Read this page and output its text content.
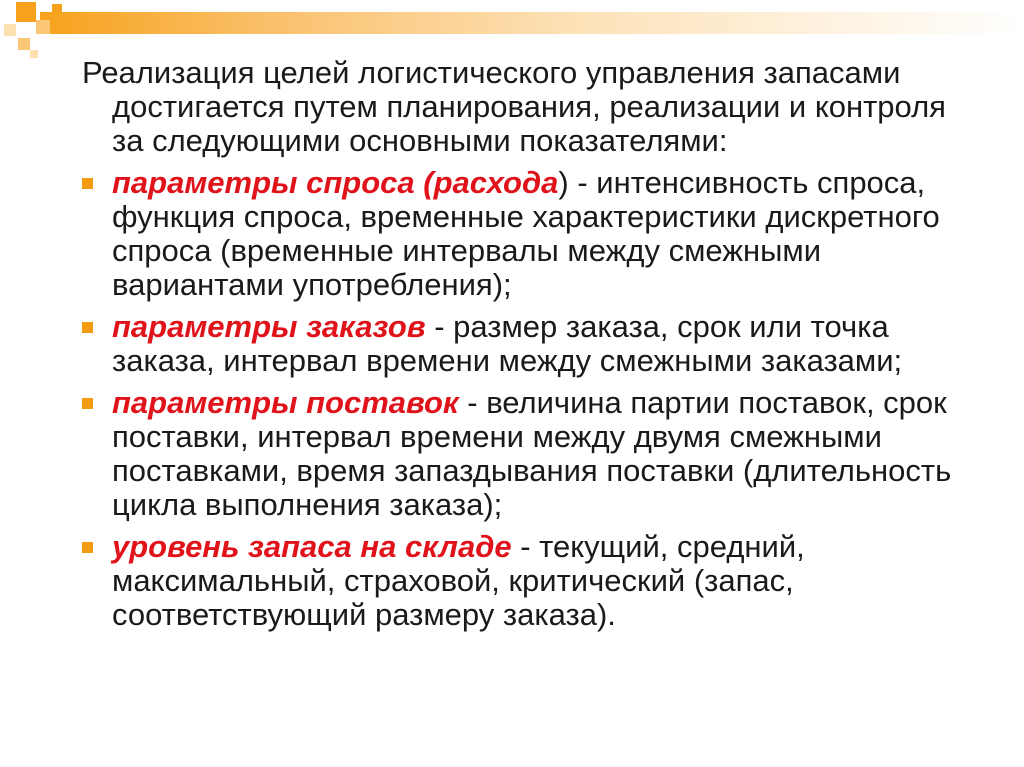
Реализация целей логистического управления запасами достигается путем планирования, реализации и контроля за следующими основными показателями:

параметры спроса (расхода) - интенсивность спроса, функция спроса, временные характеристики дискретного спроса (временные интервалы между смежными вариантами употребления);
параметры заказов - размер заказа, срок или точка заказа, интервал времени между смежными заказами;
параметры поставок - величина партии поставок, срок поставки, интервал времени между двумя смежными поставками, время запаздывания поставки (длительность цикла выполнения заказа);
уровень запаса на складе - текущий, средний, максимальный, страховой, критический (запас, соответствующий размеру заказа).
